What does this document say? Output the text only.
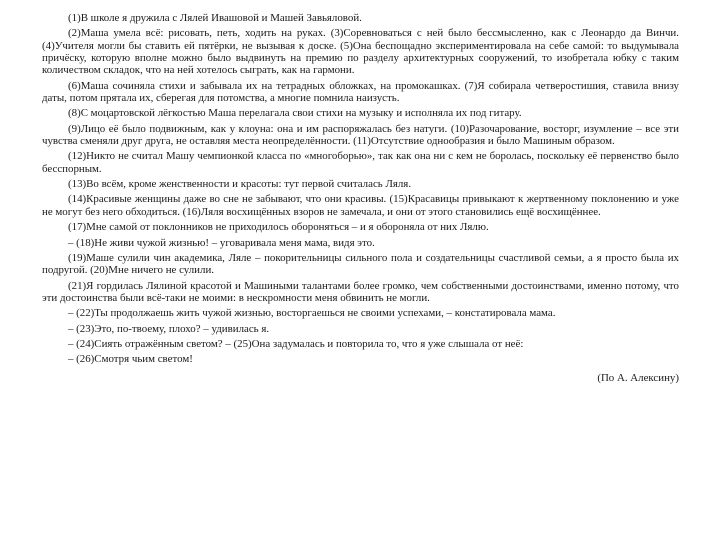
(1)В школе я дружила с Лялей Ивашовой и Машей Завьяловой.

(2)Маша умела всё: рисовать, петь, ходить на руках. (3)Соревноваться с ней было бессмысленно, как с Леонардо да Винчи. (4)Учителя могли бы ставить ей пятёрки, не вызывая к доске. (5)Она беспощадно экспериментировала на себе самой: то выдумывала причёску, которую вполне можно было выдвинуть на премию по разделу архитектурных сооружений, то изобретала юбку с таким количеством складок, что на ней хотелось сыграть, как на гармони.

(6)Маша сочиняла стихи и забывала их на тетрадных обложках, на промокашках. (7)Я собирала четверостишия, ставила внизу даты, потом прятала их, сберегая для потомства, а многие помнила наизусть.

(8)С моцартовской лёгкостью Маша перелагала свои стихи на музыку и исполняла их под гитару.

(9)Лицо её было подвижным, как у клоуна: она и им распоряжалась без натуги. (10)Разочарование, восторг, изумление – все эти чувства сменяли друг друга, не оставляя места неопределённости. (11)Отсутствие однообразия и было Машиным образом.

(12)Никто не считал Машу чемпионкой класса по «многоборью», так как она ни с кем не боролась, поскольку её первенство было бесспорным.

(13)Во всём, кроме женственности и красоты: тут первой считалась Ляля.

(14)Красивые женщины даже во сне не забывают, что они красивы. (15)Красавицы привыкают к жертвенному поклонению и уже не могут без него обходиться. (16)Ляля восхищённых взоров не замечала, и они от этого становились ещё восхищённее.

(17)Мне самой от поклонников не приходилось обороняться – и я обороняла от них Лялю.

– (18)Не живи чужой жизнью! – уговаривала меня мама, видя это.

(19)Маше сулили чин академика, Ляле – покорительницы сильного пола и создательницы счастливой семьи, а я просто была их подругой. (20)Мне ничего не сулили.

(21)Я гордилась Лялиной красотой и Машиными талантами более громко, чем собственными достоинствами, именно потому, что эти достоинства были всё-таки не моими: в нескромности меня обвинить не могли.

– (22)Ты продолжаешь жить чужой жизнью, восторгаешься не своими успехами, – констатировала мама.

– (23)Это, по-твоему, плохо? – удивилась я.

– (24)Сиять отражённым светом? – (25)Она задумалась и повторила то, что я уже слышала от неё:

– (26)Смотря чьим светом!

(По А. Алексину)
